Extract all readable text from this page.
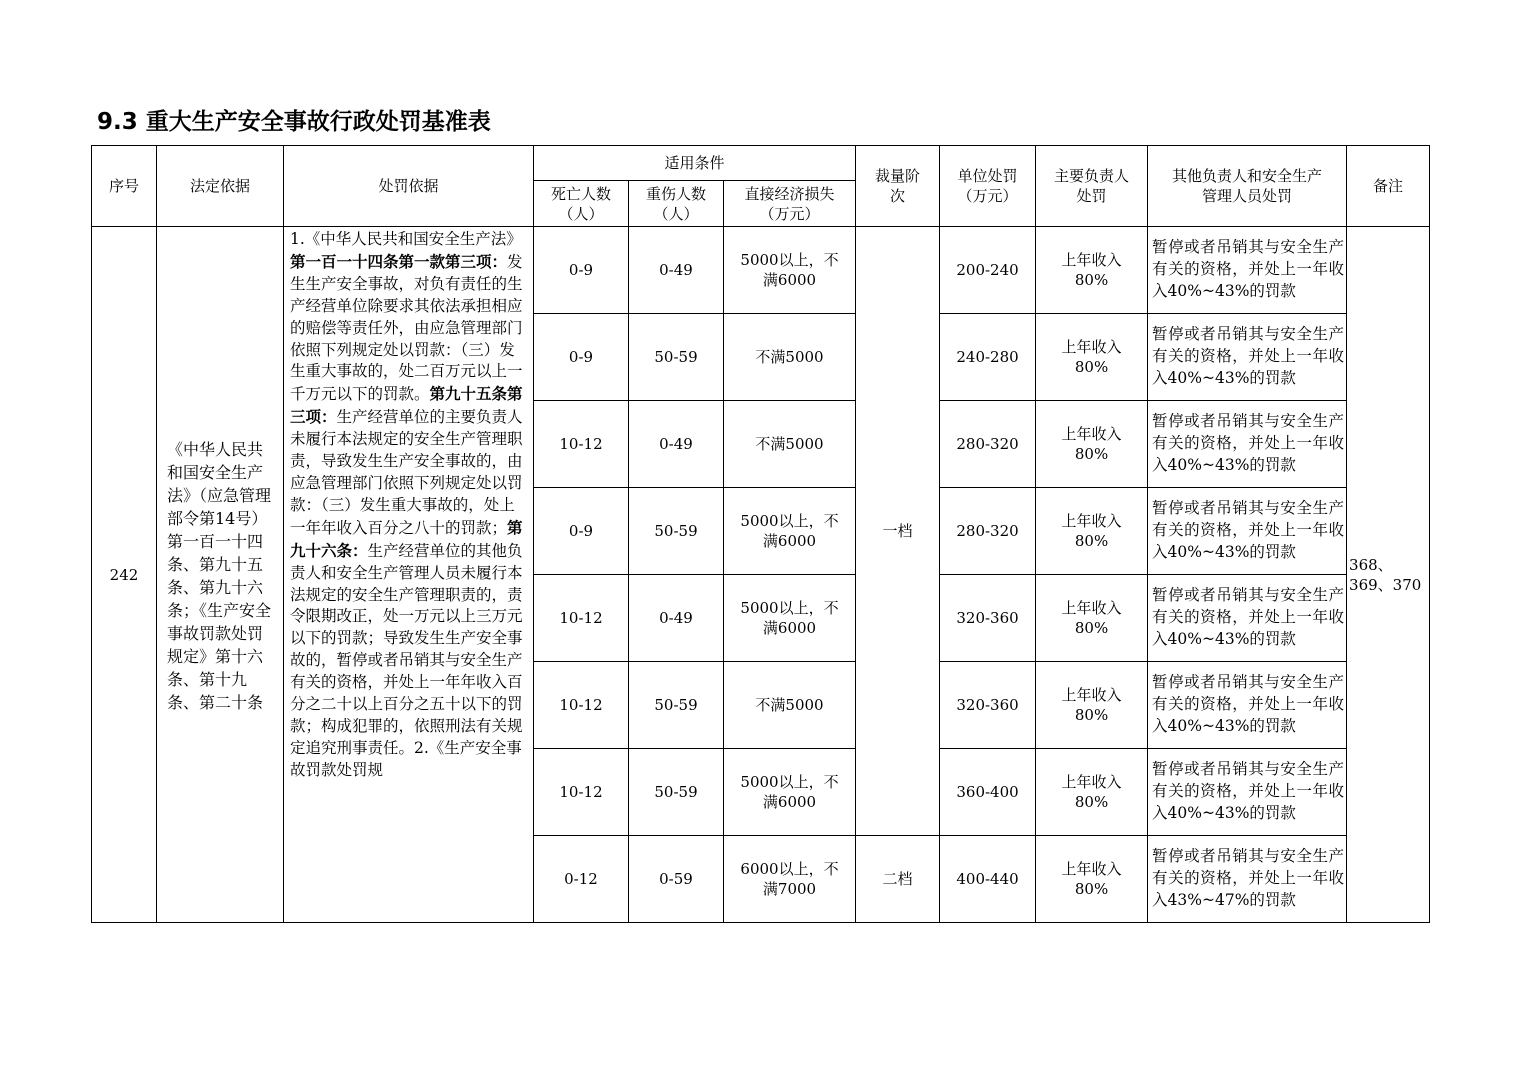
9.3 重大生产安全事故行政处罚基准表
序号	法定依据	处罚依据	适用条件			裁量阶次	单位处罚（万元）	主要负责人处罚	其他负责人和安全生产管理人员处罚	备注
			死亡人数（人）	重伤人数（人）	直接经济损失（万元）					
242	《中华人民共和国安全生产法》（应急管理部令第14号）第一百一十四条、第九十五条、第九十六条；《生产安全事故罚款处罚规定》第十六条、第十九条、第二十条	1.《中华人民共和国安全生产法》第一百一十四条第一款第三项：发生生产安全事故，对负有责任的生产经营单位除要求其依法承担相应的赔偿等责任外，由应急管理部门依照下列规定处以罚款：（三）发生重大事故的，处二百万元以上一千万元以下的罚款。第九十五条第三项：生产经营单位的主要负责人未履行本法规定的安全生产管理职责，导致发生生产安全事故的，由应急管理部门依照下列规定处以罚款：（三）发生重大事故的，处上一年年收入百分之八十的罚款；第九十六条：生产经营单位的其他负责人和安全生产管理人员未履行本法规定的安全生产管理职责的，责令限期改正，处一万元以上三万元以下的罚款；导致发生生产安全事故的，暂停或者吊销其与安全生产有关的资格，并处上一年年收入百分之二十以上百分之五十以下的罚款；构成犯罪的，依照刑法有关规定追究刑事责任。2.《生产安全事故罚款处罚规	0-9	0-49	5000以上，不满6000	一档	200-240	上年收入80%	暂停或者吊销其与安全生产有关的资格，并处上一年收入40%~43%的罚款	368、369、370
			0-9	50-59	不满5000		240-280	上年收入80%	暂停或者吊销其与安全生产有关的资格，并处上一年收入40%~43%的罚款	
			10-12	0-49	不满5000		280-320	上年收入80%	暂停或者吊销其与安全生产有关的资格，并处上一年收入40%~43%的罚款	
			0-9	50-59	5000以上，不满6000		280-320	上年收入80%	暂停或者吊销其与安全生产有关的资格，并处上一年收入40%~43%的罚款	
			10-12	0-49	5000以上，不满6000		320-360	上年收入80%	暂停或者吊销其与安全生产有关的资格，并处上一年收入40%~43%的罚款	
			10-12	50-59	不满5000		320-360	上年收入80%	暂停或者吊销其与安全生产有关的资格，并处上一年收入40%~43%的罚款	
			10-12	50-59	5000以上，不满6000		360-400	上年收入80%	暂停或者吊销其与安全生产有关的资格，并处上一年收入40%~43%的罚款	
			0-12	0-59	6000以上，不满7000	二档	400-440	上年收入80%	暂停或者吊销其与安全生产有关的资格，并处上一年收入43%~47%的罚款	
